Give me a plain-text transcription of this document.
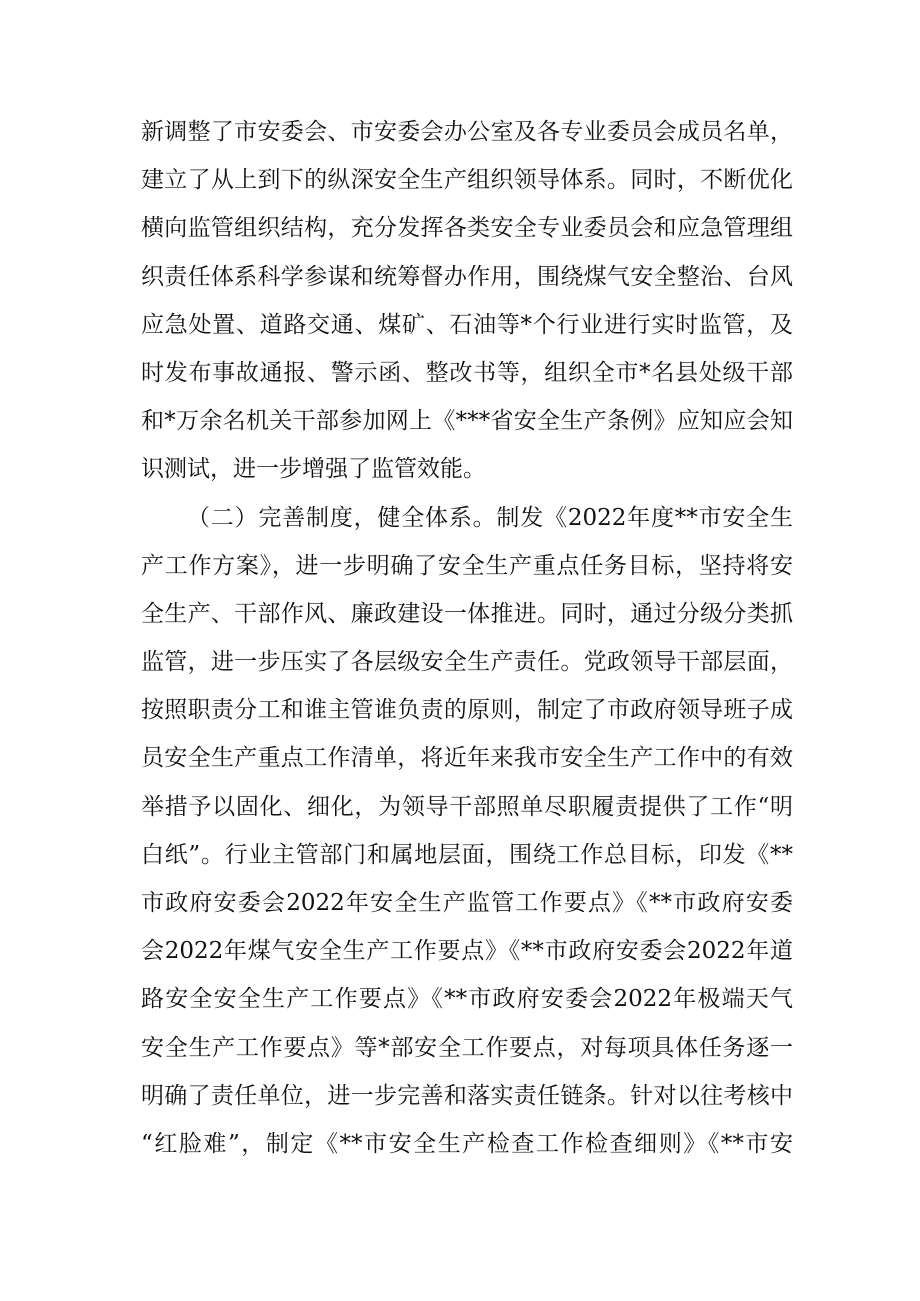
新调整了市安委会、市安委会办公室及各专业委员会成员名单，
建立了从上到下的纵深安全生产组织领导体系。同时，不断优化
横向监管组织结构，充分发挥各类安全专业委员会和应急管理组
织责任体系科学参谋和统筹督办作用，围绕煤气安全整治、台风
应急处置、道路交通、煤矿、石油等*个行业进行实时监管，及
时发布事故通报、警示函、整改书等，组织全市*名县处级干部
和*万余名机关干部参加网上《***省安全生产条例》应知应会知
识测试，进一步增强了监管效能。
（二）完善制度，健全体系。制发《2022年度**市安全生
产工作方案》，进一步明确了安全生产重点任务目标，坚持将安
全生产、干部作风、廉政建设一体推进。同时，通过分级分类抓
监管，进一步压实了各层级安全生产责任。党政领导干部层面，
按照职责分工和谁主管谁负责的原则，制定了市政府领导班子成
员安全生产重点工作清单，将近年来我市安全生产工作中的有效
举措予以固化、细化，为领导干部照单尽职履责提供了工作“明
白纸”。行业主管部门和属地层面，围绕工作总目标，印发《**
市政府安委会2022年安全生产监管工作要点》《**市政府安委
会2022年煤气安全生产工作要点》《**市政府安委会2022年道
路安全安全生产工作要点》《**市政府安委会2022年极端天气
安全生产工作要点》等*部安全工作要点，对每项具体任务逐一
明确了责任单位，进一步完善和落实责任链条。针对以往考核中
“红脸难”，制定《**市安全生产检查工作检查细则》《**市安
